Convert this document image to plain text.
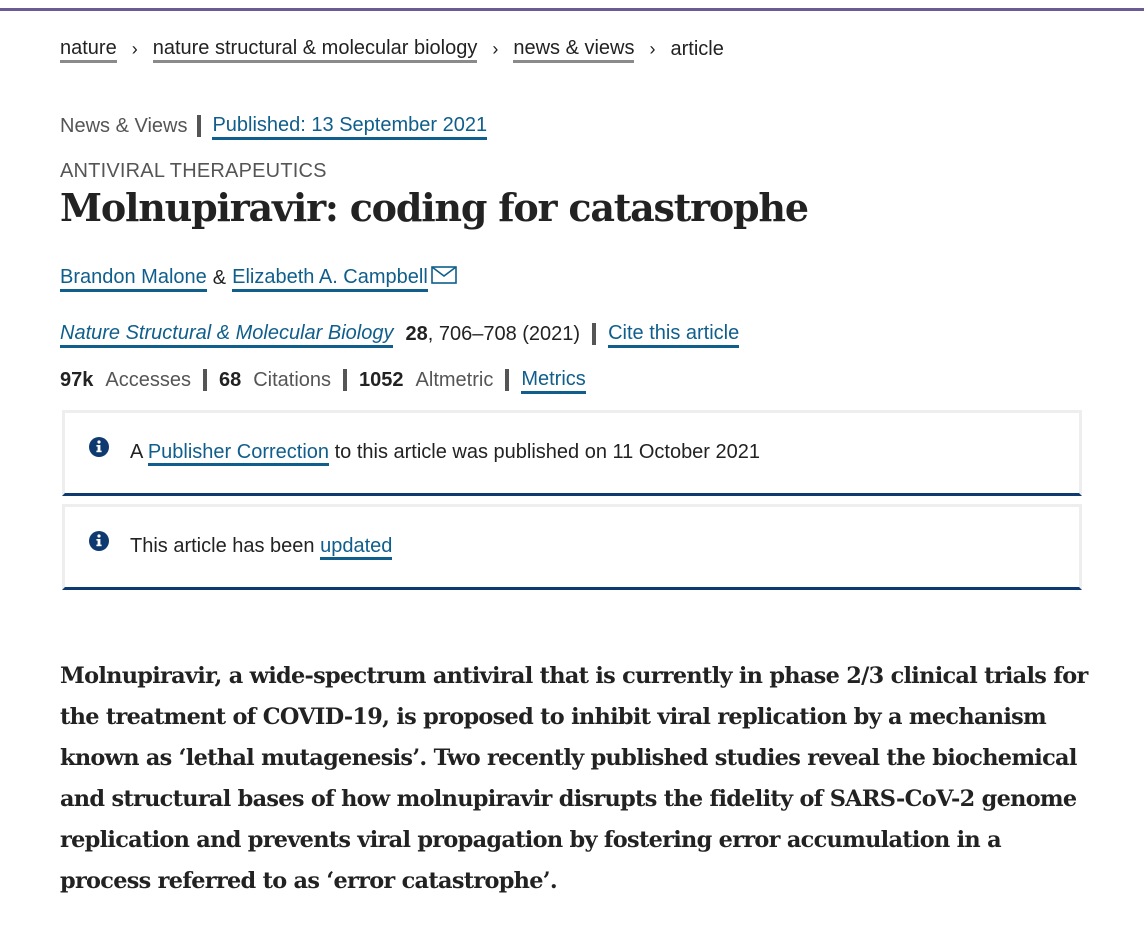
nature › nature structural & molecular biology › news & views › article
News & Views Published: 13 September 2021
ANTIVIRAL THERAPEUTICS
Molnupiravir: coding for catastrophe
Brandon Malone & Elizabeth A. Campbell
Nature Structural & Molecular Biology 28 , 706–708 (2021) Cite this article
97k Accesses 68 Citations 1052 Altmetric Metrics
A Publisher Correction to this article was published on 11 October 2021
This article has been updated

Molnupiravir, a wide-spectrum antiviral that is currently in phase 2/3 clinical trials for the treatment of COVID-19, is proposed to inhibit viral replication by a mechanism known as ‘lethal mutagenesis’. Two recently published studies reveal the biochemical and structural bases of how molnupiravir disrupts the fidelity of SARS-CoV-2 genome replication and prevents viral propagation by fostering error accumulation in a process referred to as ‘error catastrophe’.
